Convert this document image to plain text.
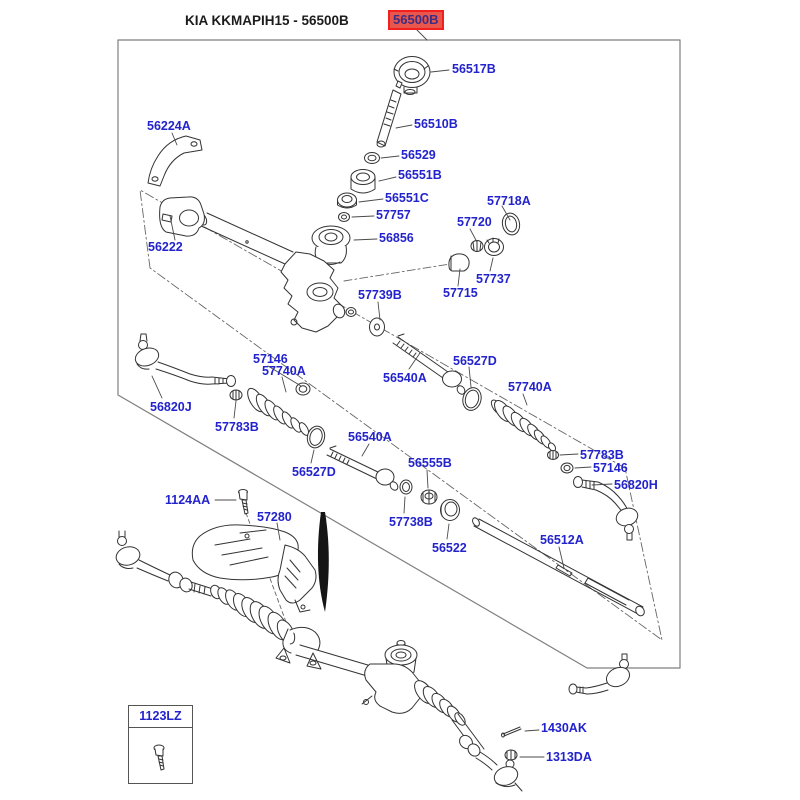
KIA KKMAPIH15 - 56500B	56500B
56517B
56510B
56529
56551B
56551C
57757
56856
57718A
57720
57737
57715
56224A
56222
57739B
57146
57740A
56820J
57783B
56540A
56527D
57740A
57783B
57146
56820H
56527D
56540A
56555B
57738B
56522
56512A
1124AA
57280
1430AK
1313DA
1123LZ
